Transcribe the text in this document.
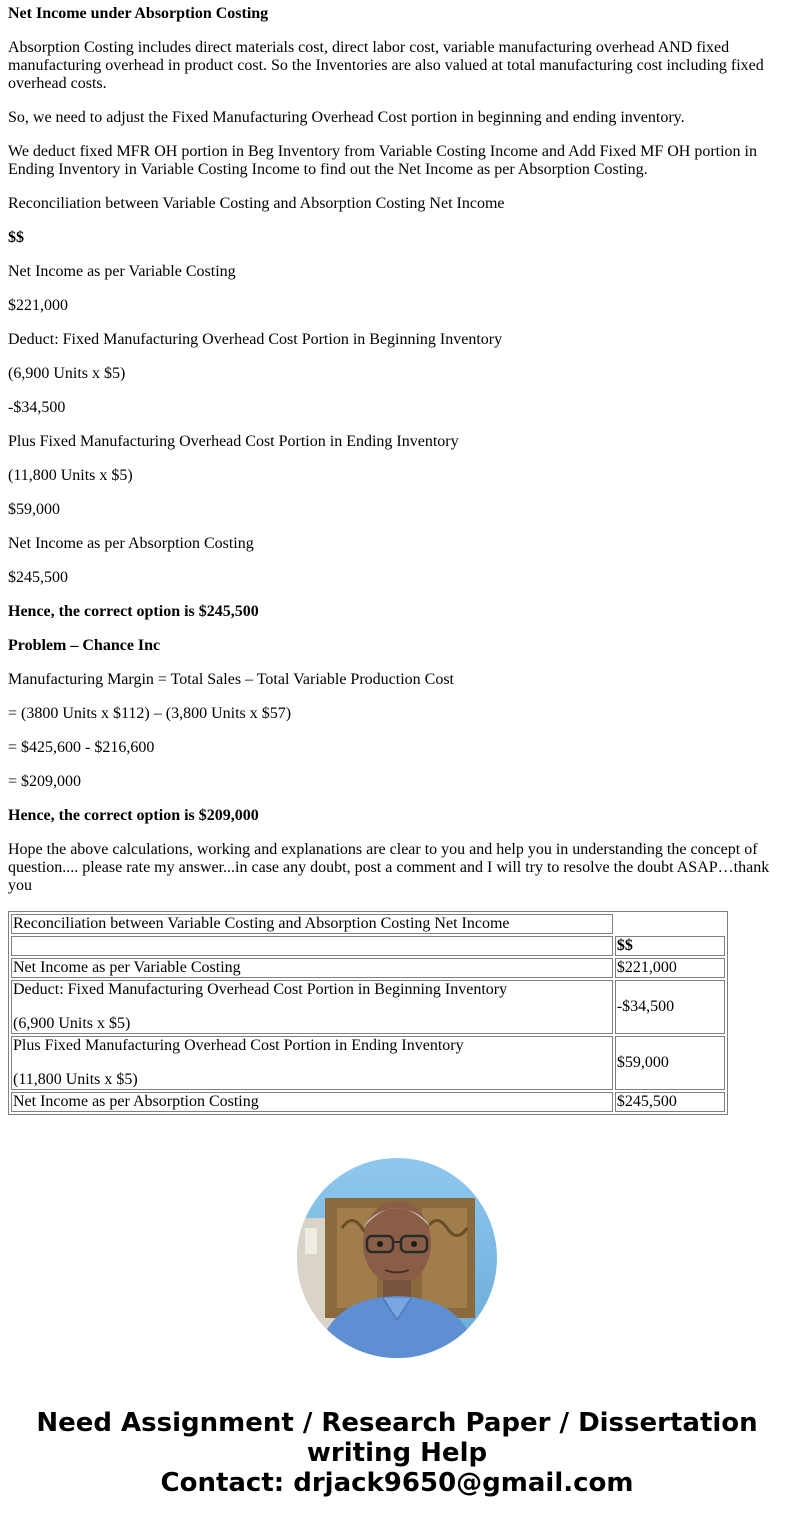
Net Income under Absorption Costing

Absorption Costing includes direct materials cost, direct labor cost, variable manufacturing overhead AND fixed manufacturing overhead in product cost. So the Inventories are also valued at total manufacturing cost including fixed overhead costs.

So, we need to adjust the Fixed Manufacturing Overhead Cost portion in beginning and ending inventory.

We deduct fixed MFR OH portion in Beg Inventory from Variable Costing Income and Add Fixed MF OH portion in Ending Inventory in Variable Costing Income to find out the Net Income as per Absorption Costing.

Reconciliation between Variable Costing and Absorption Costing Net Income

$$

Net Income as per Variable Costing

$221,000

Deduct: Fixed Manufacturing Overhead Cost Portion in Beginning Inventory

(6,900 Units x $5)

-$34,500

Plus Fixed Manufacturing Overhead Cost Portion in Ending Inventory

(11,800 Units x $5)

$59,000

Net Income as per Absorption Costing

$245,500

Hence, the correct option is $245,500

Problem – Chance Inc

Manufacturing Margin = Total Sales – Total Variable Production Cost

= (3800 Units x $112) – (3,800 Units x $57)

= $425,600 - $216,600

= $209,000

Hence, the correct option is $209,000

Hope the above calculations, working and explanations are clear to you and help you in understanding the concept of question.... please rate my answer...in case any doubt, post a comment and I will try to resolve the doubt ASAP…thank you

Reconciliation between Variable Costing and Absorption Costing Net Income	
	$$
Net Income as per Variable Costing	$221,000

Deduct: Fixed Manufacturing Overhead Cost Portion in Beginning Inventory

(6,900 Units x $5)	-$34,500

Plus Fixed Manufacturing Overhead Cost Portion in Ending Inventory

(11,800 Units x $5)	$59,000
Net Income as per Absorption Costing	$245,500
Need Assignment / Research Paper / Dissertation
writing Help
Contact: drjack9650@gmail.com
